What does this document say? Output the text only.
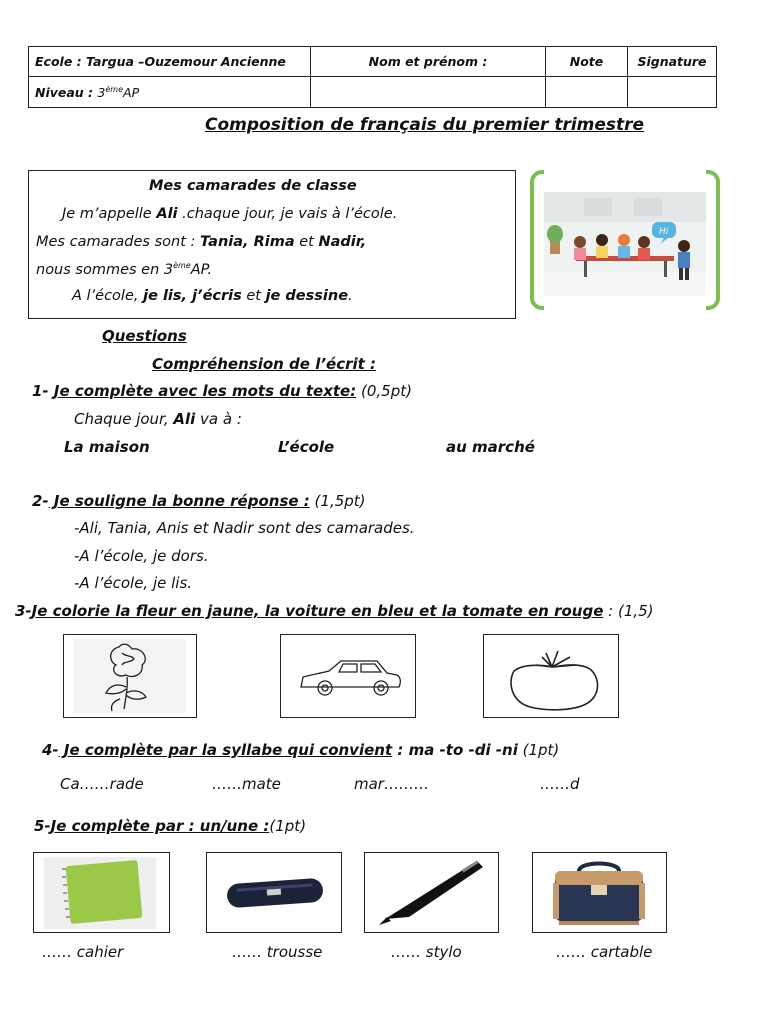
Ecole : Targua –Ouzemour Ancienne	Nom et prénom :	Note	Signature
Niveau : 3èmeAP			
Composition de français du premier trimestre
Mes camarades de classe
Je m’appelle Ali .chaque jour, je vais à l’école.
Mes camarades sont : Tania, Rima et Nadir,
nous sommes en 3èmeAP.
A l’école, je lis, j’écris et je dessine.
Hi
Questions
Compréhension de l’écrit :
1- Je complète avec les mots du texte: (0,5pt)
Chaque jour, Ali va à :
La maison	L’école	au marché
2- Je souligne la bonne réponse : (1,5pt)
-Ali, Tania, Anis et Nadir sont des camarades.
-A l’école, je dors.
-A l’école, je lis.
3-Je colorie la fleur en jaune, la voiture en bleu et la tomate en rouge : (1,5)
4- Je complète par la syllabe qui convient : ma -to -di -ni (1pt)
Ca……rade	……mate	mar………	……d
5-Je complète par : un/une :(1pt)
…… cahier	…… trousse	…… stylo	…… cartable
